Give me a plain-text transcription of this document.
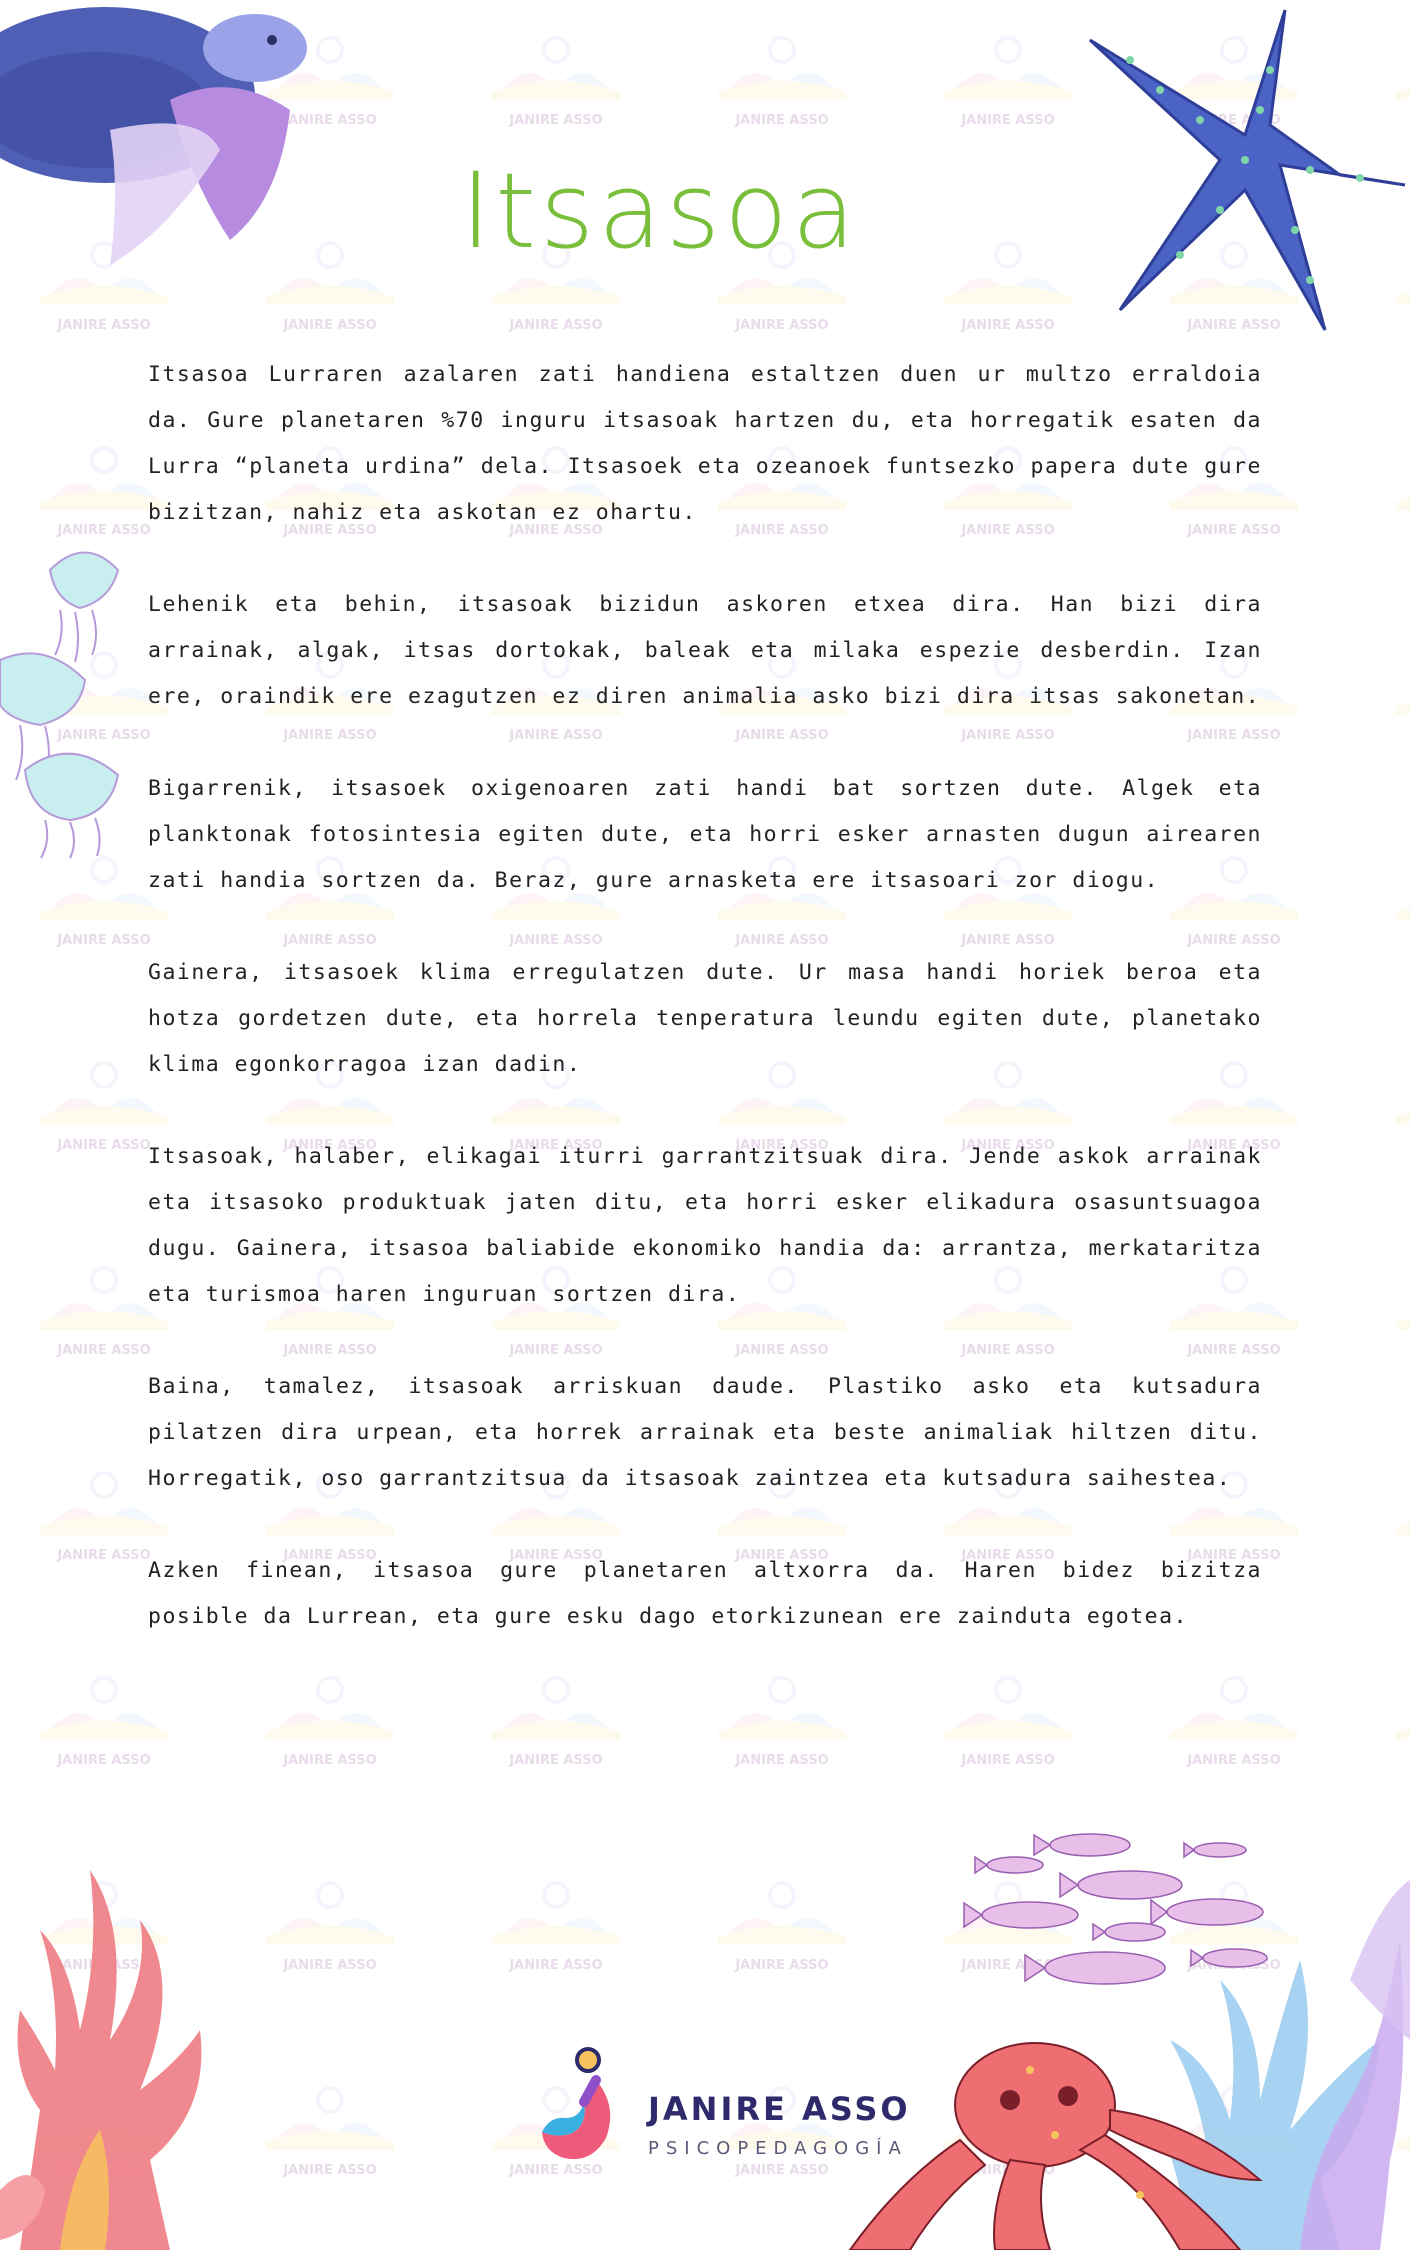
Itsasoa

Itsasoa Lurraren azalaren zati handiena estaltzen duen ur multzo erraldoia da. Gure planetaren %70 inguru itsasoak hartzen du, eta horregatik esaten da Lurra “planeta urdina” dela. Itsasoek eta ozeanoek funtsezko papera dute gure bizitzan, nahiz eta askotan ez ohartu.

Lehenik eta behin, itsasoak bizidun askoren etxea dira. Han bizi dira arrainak, algak, itsas dortokak, baleak eta milaka espezie desberdin. Izan ere, oraindik ere ezagutzen ez diren animalia asko bizi dira itsas sakonetan.

Bigarrenik, itsasoek oxigenoaren zati handi bat sortzen dute. Algek eta planktonak fotosintesia egiten dute, eta horri esker arnasten dugun airearen zati handia sortzen da. Beraz, gure arnasketa ere itsasoari zor diogu.

Gainera, itsasoek klima erregulatzen dute. Ur masa handi horiek beroa eta hotza gordetzen dute, eta horrela tenperatura leundu egiten dute, planetako klima egonkorragoa izan dadin.

Itsasoak, halaber, elikagai iturri garrantzitsuak dira. Jende askok arrainak eta itsasoko produktuak jaten ditu, eta horri esker elikadura osasuntsuagoa dugu. Gainera, itsasoa baliabide ekonomiko handia da: arrantza, merkataritza eta turismoa haren inguruan sortzen dira.

Baina, tamalez, itsasoak arriskuan daude. Plastiko asko eta kutsadura pilatzen dira urpean, eta horrek arrainak eta beste animaliak hiltzen ditu. Horregatik, oso garrantzitsua da itsasoak zaintzea eta kutsadura saihestea.

Azken finean, itsasoa gure planetaren altxorra da. Haren bidez bizitza posible da Lurrean, eta gure esku dago etorkizunean ere zainduta egotea.

JANIRE ASSO
PSICOPEDAGOGÍA
